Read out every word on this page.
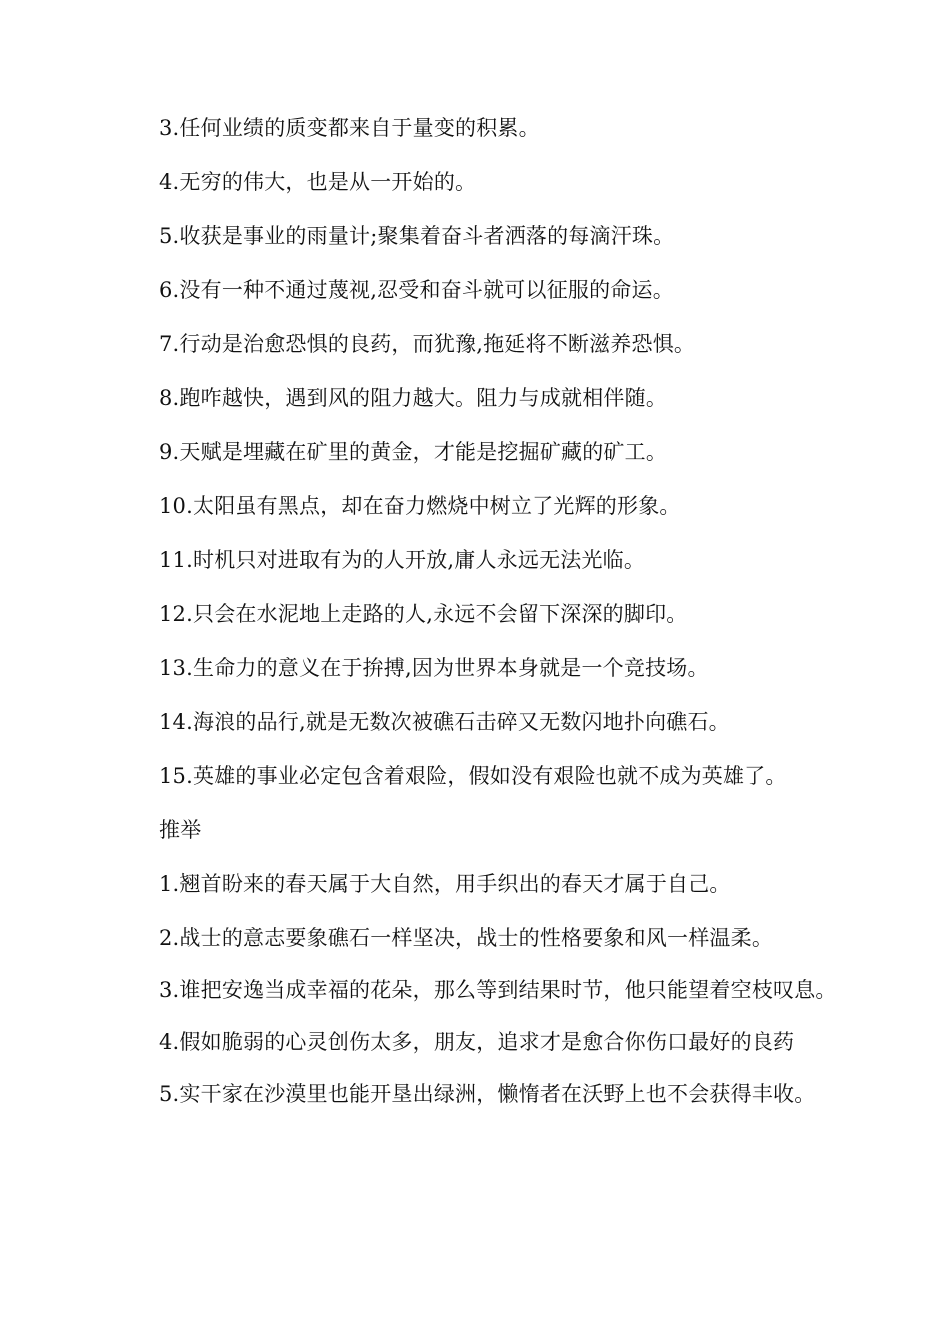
3.任何业绩的质变都来自于量变的积累。

4.无穷的伟大，也是从一开始的。

5.收获是事业的雨量计;聚集着奋斗者洒落的每滴汗珠。

6.没有一种不通过蔑视,忍受和奋斗就可以征服的命运。

7.行动是治愈恐惧的良药，而犹豫,拖延将不断滋养恐惧。

8.跑咋越快，遇到风的阻力越大。阻力与成就相伴随。

9.天赋是埋藏在矿里的黄金，才能是挖掘矿藏的矿工。

10.太阳虽有黑点，却在奋力燃烧中树立了光辉的形象。

11.时机只对进取有为的人开放,庸人永远无法光临。

12.只会在水泥地上走路的人,永远不会留下深深的脚印。

13.生命力的意义在于拚搏,因为世界本身就是一个竞技场。

14.海浪的品行,就是无数次被礁石击碎又无数闪地扑向礁石。

15.英雄的事业必定包含着艰险，假如没有艰险也就不成为英雄了。

推举

1.翘首盼来的春天属于大自然，用手织出的春天才属于自己。

2.战士的意志要象礁石一样坚决，战士的性格要象和风一样温柔。

3.谁把安逸当成幸福的花朵，那么等到结果时节，他只能望着空枝叹息。

4.假如脆弱的心灵创伤太多，朋友，追求才是愈合你伤口最好的良药

5.实干家在沙漠里也能开垦出绿洲，懒惰者在沃野上也不会获得丰收。
